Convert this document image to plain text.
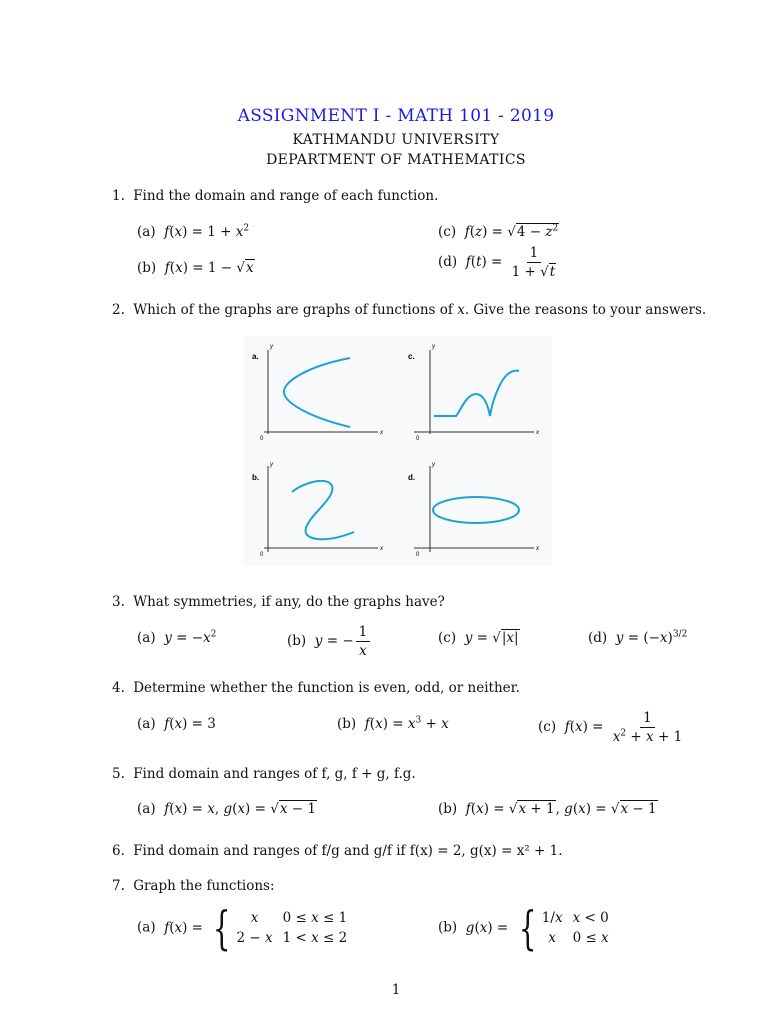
ASSIGNMENT I - MATH 101 - 2019
KATHMANDU UNIVERSITY
DEPARTMENT OF MATHEMATICS
1. Find the domain and range of each function.
(a) $f(x) = 1 + x^2$
(b) f(x) = 1 − √x
(c) $f(z) = √4 - z^2$
(d) $f(t) = \frac{1}{1 + √t}$
2. Which of the graphs are graphs of functions of x. Give the reasons to your answers.
a.
y
x
0
c.
y
x
0
b.
y
x
0
d.
y
x
0
3. What symmetries, if any, do the graphs have?
(a) $y = -x^2$	(b) y = − $\frac{1}{x}$	(c) y = √|x|	(d) $y = (-x)^{3/2}$
4. Determine whether the function is even, odd, or neither.
(a) f(x) = 3	(b) $f(x) = x^3 + x$	(c) $f(x) = \frac{1}{x^2 + x + 1}$
5. Find domain and ranges of f, g, f + g, f.g.
(a) f(x) = x, g(x) = √x − 1	(b) f(x) = √x + 1, g(x) = √x − 1
6. Find domain and ranges of f/g and g/f if f(x) = 2, g(x) = x² + 1.
7. Graph the functions:
(a) f(x) = { x	0 ≤ x ≤ 1
2 − x	1 < x ≤ 2
(b) g(x) = { 1/x	x < 0
x	0 ≤ x
1
